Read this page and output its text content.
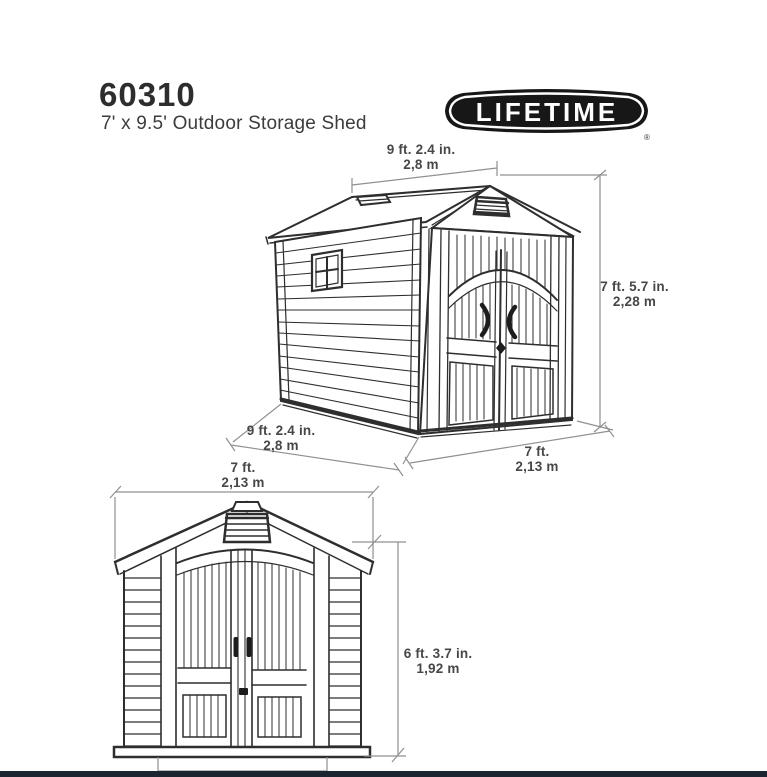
60310
7' x 9.5' Outdoor Storage Shed	LIFETIME
®
9 ft. 2.4 in.
2,8 m
7 ft. 5.7 in.
2,28 m
9 ft. 2.4 in.
2,8 m	7 ft.
2,13 m
7 ft.
2,13 m
6 ft. 3.7 in.
1,92 m
